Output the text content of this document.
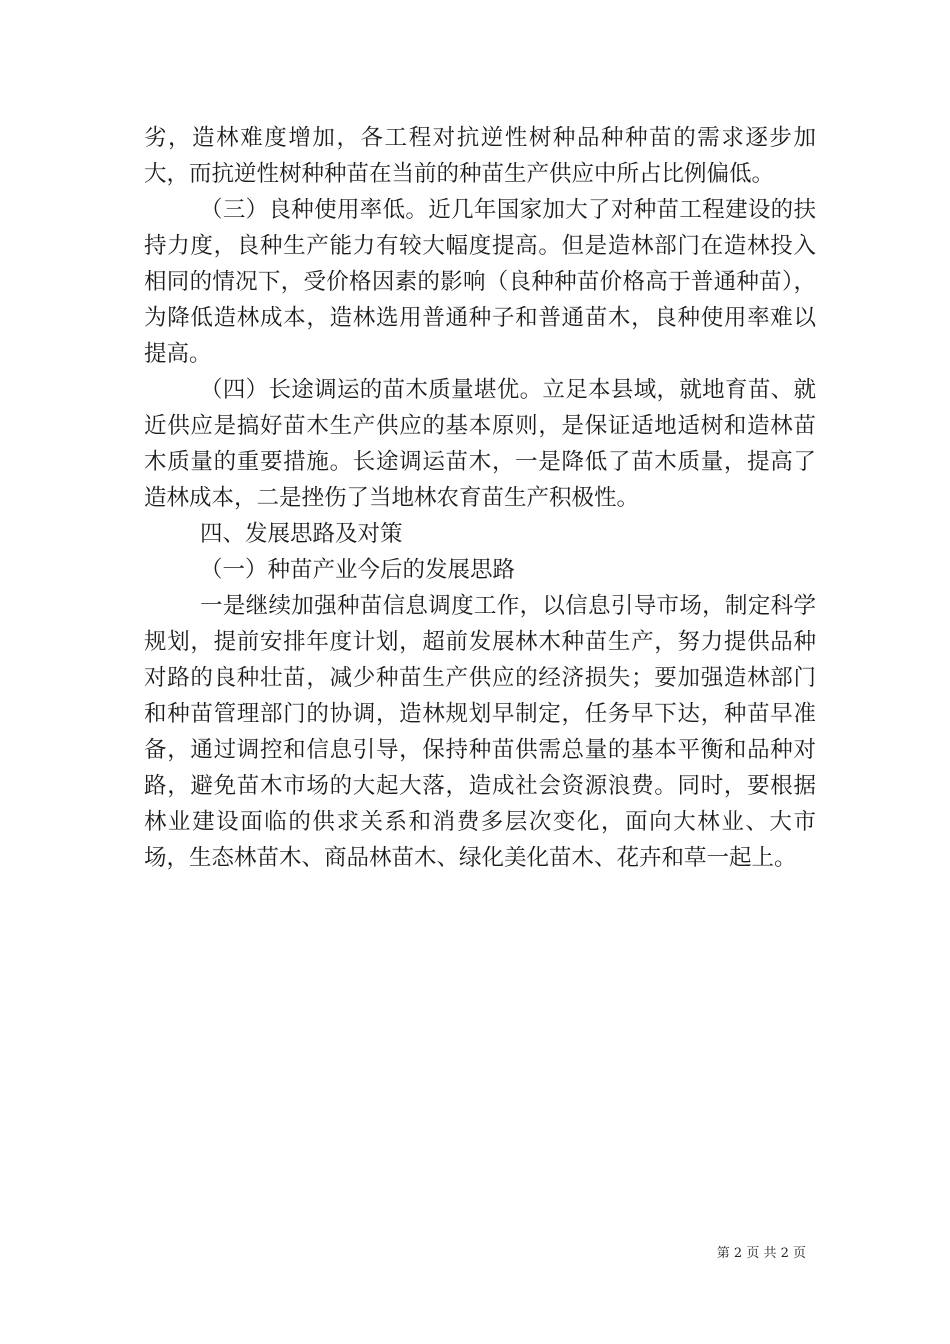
劣，造林难度增加，各工程对抗逆性树种品种种苗的需求逐步加大，而抗逆性树种种苗在当前的种苗生产供应中所占比例偏低。

（三）良种使用率低。近几年国家加大了对种苗工程建设的扶持力度，良种生产能力有较大幅度提高。但是造林部门在造林投入相同的情况下，受价格因素的影响（良种种苗价格高于普通种苗），为降低造林成本，造林选用普通种子和普通苗木，良种使用率难以提高。

（四）长途调运的苗木质量堪优。立足本县域，就地育苗、就近供应是搞好苗木生产供应的基本原则，是保证适地适树和造林苗木质量的重要措施。长途调运苗木，一是降低了苗木质量，提高了造林成本，二是挫伤了当地林农育苗生产积极性。

四、发展思路及对策

（一）种苗产业今后的发展思路

一是继续加强种苗信息调度工作，以信息引导市场，制定科学规划，提前安排年度计划，超前发展林木种苗生产，努力提供品种对路的良种壮苗，减少种苗生产供应的经济损失；要加强造林部门和种苗管理部门的协调，造林规划早制定，任务早下达，种苗早准备，通过调控和信息引导，保持种苗供需总量的基本平衡和品种对路，避免苗木市场的大起大落，造成社会资源浪费。同时，要根据林业建设面临的供求关系和消费多层次变化，面向大林业、大市场，生态林苗木、商品林苗木、绿化美化苗木、花卉和草一起上。

第 2 页 共 2 页
